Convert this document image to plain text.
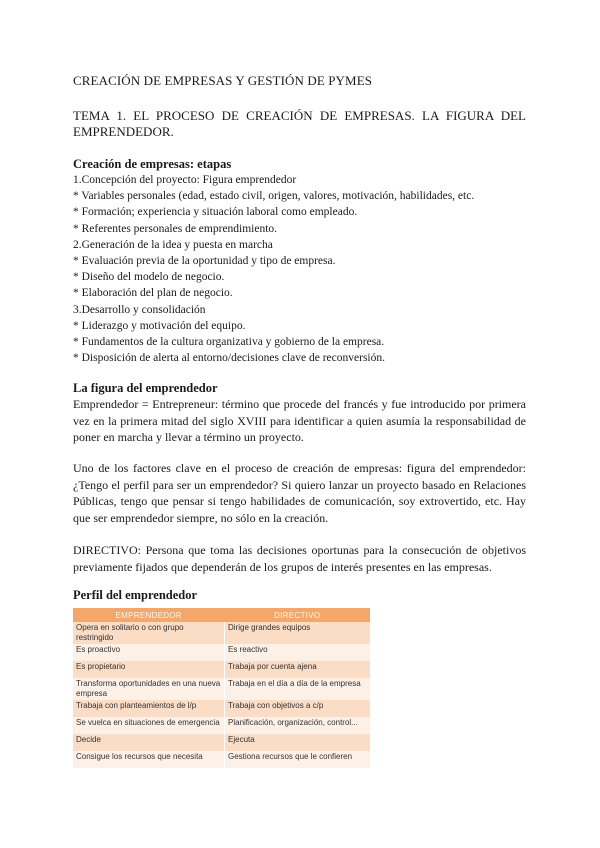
CREACIÓN DE EMPRESAS Y GESTIÓN DE PYMES
TEMA 1. EL PROCESO DE CREACIÓN DE EMPRESAS. LA FIGURA DEL EMPRENDEDOR.
Creación de empresas: etapas
1.Concepción del proyecto: Figura emprendedor
* Variables personales (edad, estado civil, origen, valores, motivación, habilidades, etc.
* Formación; experiencia y situación laboral como empleado.
* Referentes personales de emprendimiento.
2.Generación de la idea y puesta en marcha
* Evaluación previa de la oportunidad y tipo de empresa.
* Diseño del modelo de negocio.
* Elaboración del plan de negocio.
3.Desarrollo y consolidación
* Liderazgo y motivación del equipo.
* Fundamentos de la cultura organizativa y gobierno de la empresa.
* Disposición de alerta al entorno/decisiones clave de reconversión.
La figura del emprendedor

Emprendedor = Entrepreneur: término que procede del francés y fue introducido por primera vez en la primera mitad del siglo XVIII para identificar a quien asumía la responsabilidad de poner en marcha y llevar a término un proyecto.

Uno de los factores clave en el proceso de creación de empresas: figura del emprendedor: ¿Tengo el perfil para ser un emprendedor? Si quiero lanzar un proyecto basado en Relaciones Públicas, tengo que pensar si tengo habilidades de comunicación, soy extrovertido, etc. Hay que ser emprendedor siempre, no sólo en la creación.

DIRECTIVO: Persona que toma las decisiones oportunas para la consecución de objetivos previamente fijados que dependerán de los grupos de interés presentes en las empresas.

Perfil del emprendedor
EMPRENDEDOR	DIRECTIVO
Opera en solitario o con grupo restringido	Dirige grandes equipos
Es proactivo	Es reactivo
Es propietario	Trabaja por cuenta ajena
Transforma oportunidades en una nueva empresa	Trabaja en el día a día de la empresa
Trabaja con planteamientos de l/p	Trabaja con objetivos a c/p
Se vuelca en situaciones de emergencia	Planificación, organización, control...
Decide	Ejecuta
Consigue los recursos que necesita	Gestiona recursos que le confieren
